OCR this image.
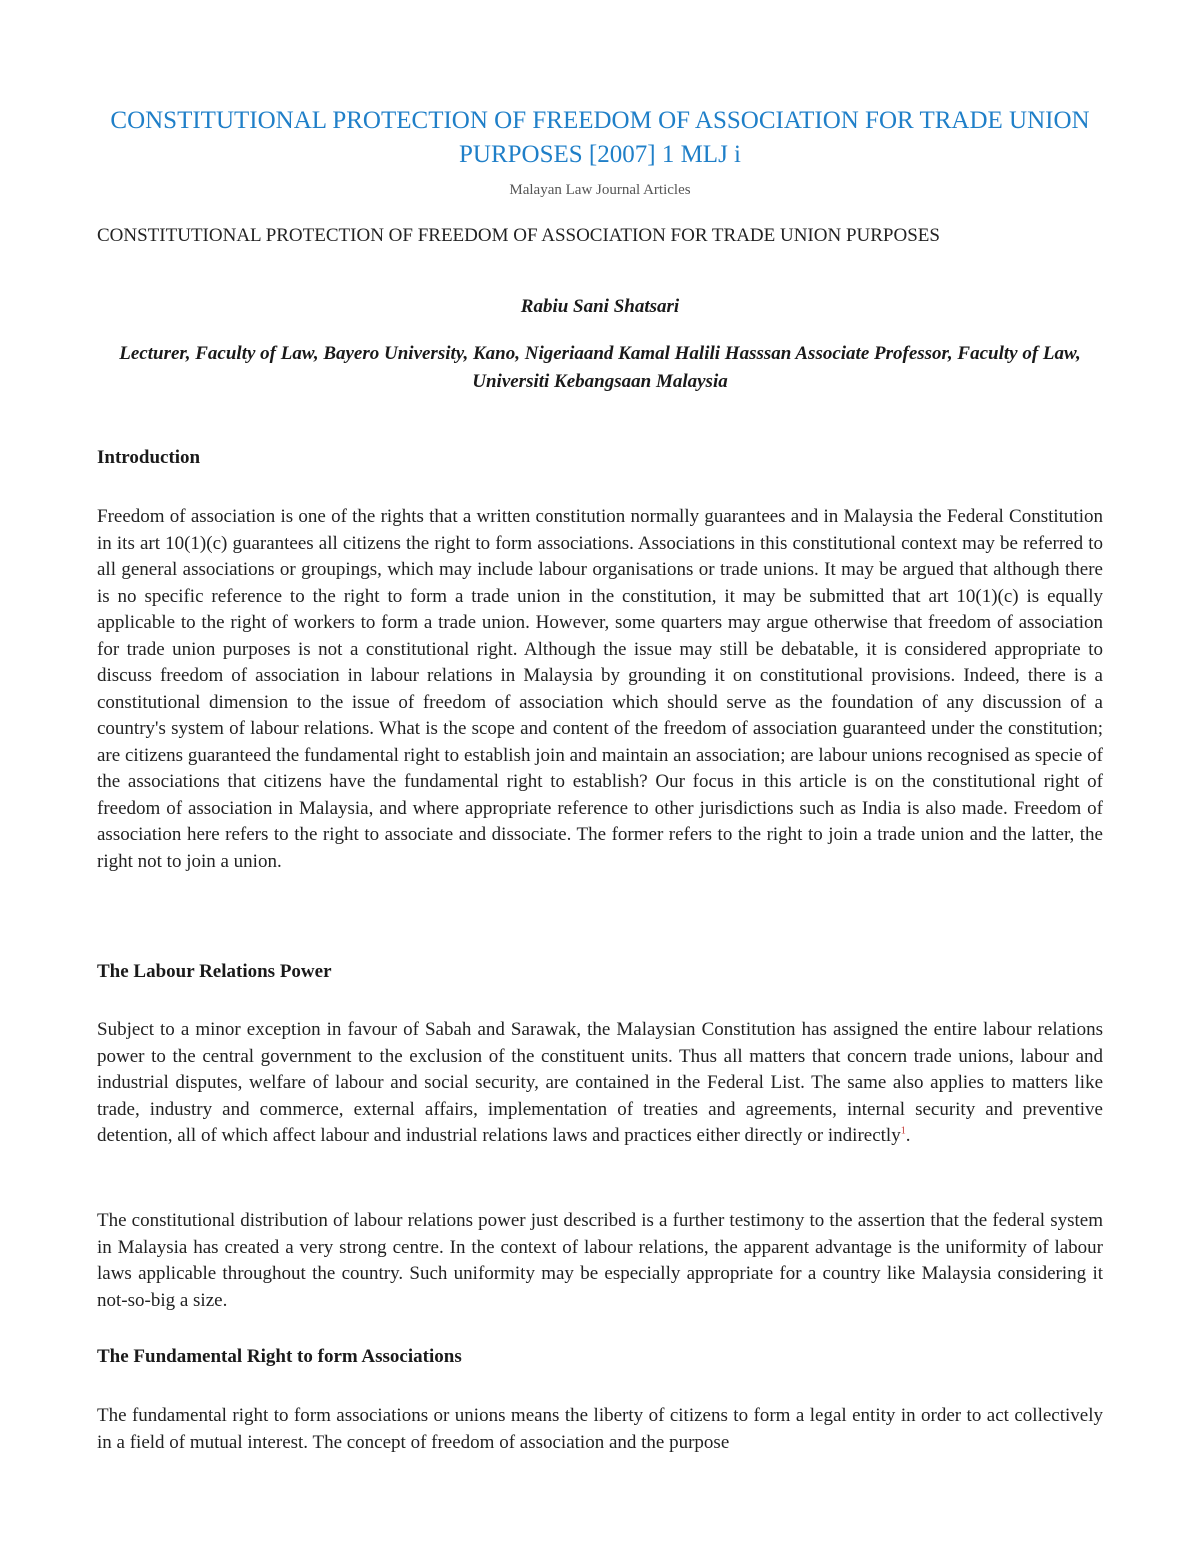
CONSTITUTIONAL PROTECTION OF FREEDOM OF ASSOCIATION FOR TRADE UNION PURPOSES [2007] 1 MLJ i
Malayan Law Journal Articles
CONSTITUTIONAL PROTECTION OF FREEDOM OF ASSOCIATION FOR TRADE UNION PURPOSES
Rabiu Sani Shatsari
Lecturer, Faculty of Law, Bayero University, Kano, Nigeriaand Kamal Halili Hasssan Associate Professor, Faculty of Law, Universiti Kebangsaan Malaysia
Introduction

Freedom of association is one of the rights that a written constitution normally guarantees and in Malaysia the Federal Constitution in its art 10(1)(c) guarantees all citizens the right to form associations. Associations in this constitutional context may be referred to all general associations or groupings, which may include labour organisations or trade unions. It may be argued that although there is no specific reference to the right to form a trade union in the constitution, it may be submitted that art 10(1)(c) is equally applicable to the right of workers to form a trade union. However, some quarters may argue otherwise that freedom of association for trade union purposes is not a constitutional right. Although the issue may still be debatable, it is considered appropriate to discuss freedom of association in labour relations in Malaysia by grounding it on constitutional provisions. Indeed, there is a constitutional dimension to the issue of freedom of association which should serve as the foundation of any discussion of a country's system of labour relations. What is the scope and content of the freedom of association guaranteed under the constitution; are citizens guaranteed the fundamental right to establish join and maintain an association; are labour unions recognised as specie of the associations that citizens have the fundamental right to establish? Our focus in this article is on the constitutional right of freedom of association in Malaysia, and where appropriate reference to other jurisdictions such as India is also made. Freedom of association here refers to the right to associate and dissociate. The former refers to the right to join a trade union and the latter, the right not to join a union.

The Labour Relations Power

Subject to a minor exception in favour of Sabah and Sarawak, the Malaysian Constitution has assigned the entire labour relations power to the central government to the exclusion of the constituent units. Thus all matters that concern trade unions, labour and industrial disputes, welfare of labour and social security, are contained in the Federal List. The same also applies to matters like trade, industry and commerce, external affairs, implementation of treaties and agreements, internal security and preventive detention, all of which affect labour and industrial relations laws and practices either directly or indirectly$^1$.

The constitutional distribution of labour relations power just described is a further testimony to the assertion that the federal system in Malaysia has created a very strong centre. In the context of labour relations, the apparent advantage is the uniformity of labour laws applicable throughout the country. Such uniformity may be especially appropriate for a country like Malaysia considering it not-so-big a size.

The Fundamental Right to form Associations

The fundamental right to form associations or unions means the liberty of citizens to form a legal entity in order to act collectively in a field of mutual interest. The concept of freedom of association and the purpose
